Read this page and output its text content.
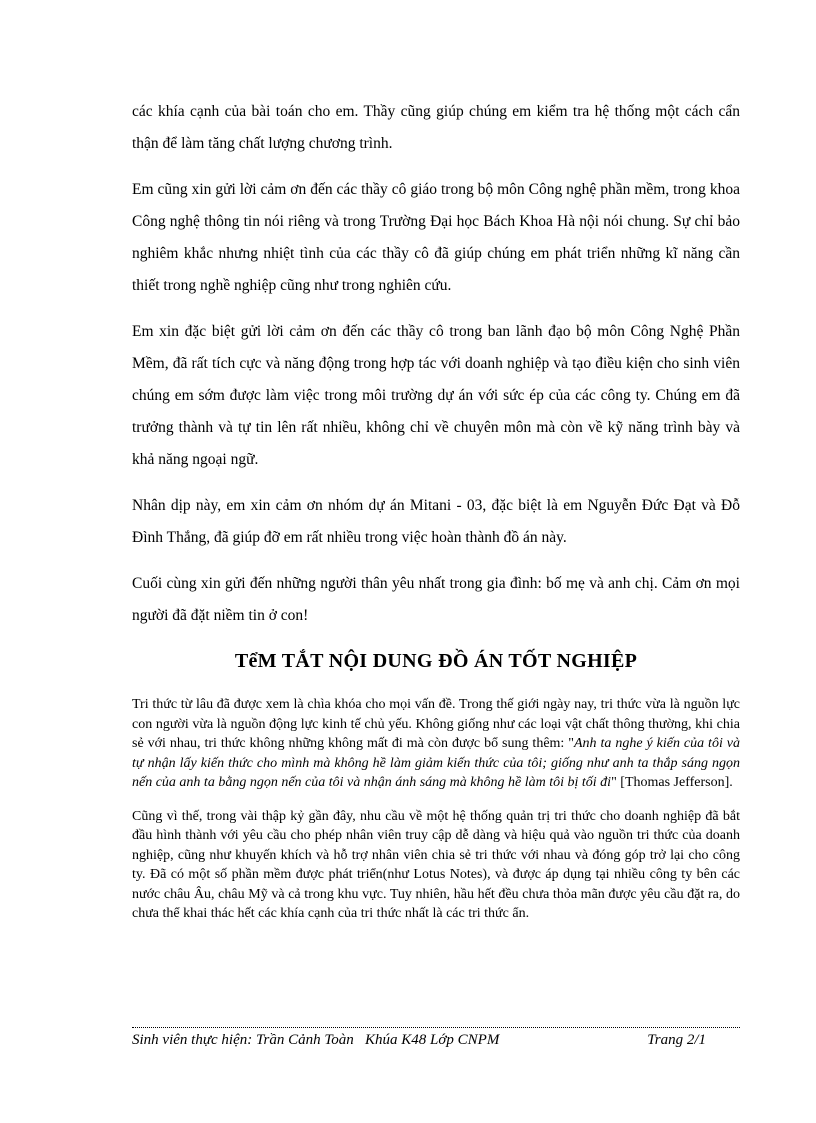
các khía cạnh của bài toán cho em. Thầy cũng giúp chúng em kiểm tra hệ thống một cách cẩn thận để làm tăng chất lượng chương trình.

Em cũng xin gửi lời cảm ơn đến các thầy cô giáo trong bộ môn Công nghệ phần mềm, trong khoa Công nghệ thông tin nói riêng và trong Trường Đại học Bách Khoa Hà nội nói chung. Sự chỉ bảo nghiêm khắc nhưng nhiệt tình của các thầy cô đã giúp chúng em phát triển những kĩ năng cần thiết trong nghề nghiệp cũng như trong nghiên cứu.

Em xin đặc biệt gửi lời cảm ơn đến các thầy cô trong ban lãnh đạo bộ môn Công Nghệ Phần Mềm, đã rất tích cực và năng động trong hợp tác với doanh nghiệp và tạo điều kiện cho sinh viên chúng em sớm được làm việc trong môi trường dự án với sức ép của các công ty. Chúng em đã trưởng thành và tự tin lên rất nhiều, không chỉ về chuyên môn mà còn về kỹ năng trình bày và khả năng ngoại ngữ.

Nhân dịp này, em xin cảm ơn nhóm dự án Mitani - 03, đặc biệt là em Nguyễn Đức Đạt và Đỗ Đình Thắng, đã giúp đỡ em rất nhiều trong việc hoàn thành đồ án này.

Cuối cùng xin gửi đến những người thân yêu nhất trong gia đình: bố mẹ và anh chị. Cảm ơn mọi người đã đặt niềm tin ở con!

TểM TẮT NỘI DUNG ĐỒ ÁN TỐT NGHIỆP

Tri thức từ lâu đã được xem là chìa khóa cho mọi vấn đề. Trong thế giới ngày nay, tri thức vừa là nguồn lực con người vừa là nguồn động lực kinh tế chủ yếu. Không giống như các loại vật chất thông thường, khi chia sẻ với nhau, tri thức không những không mất đi mà còn được bổ sung thêm: "Anh ta nghe ý kiến của tôi và tự nhận lấy kiến thức cho mình mà không hề làm giảm kiến thức của tôi; giống như anh ta thắp sáng ngọn nến của anh ta bằng ngọn nến của tôi và nhận ánh sáng mà không hề làm tôi bị tối đi" [Thomas Jefferson].

Cũng vì thế, trong vài thập kỷ gần đây, nhu cầu về một hệ thống quản trị tri thức cho doanh nghiệp đã bắt đầu hình thành với yêu cầu cho phép nhân viên truy cập dễ dàng và hiệu quả vào nguồn tri thức của doanh nghiệp, cũng như khuyến khích và hỗ trợ nhân viên chia sẻ tri thức với nhau và đóng góp trở lại cho công ty. Đã có một số phần mềm được phát triển(như Lotus Notes), và được áp dụng tại nhiều công ty bên các nước châu Âu, châu Mỹ và cả trong khu vực. Tuy nhiên, hầu hết đều chưa thỏa mãn được yêu cầu đặt ra, do chưa thể khai thác hết các khía cạnh của tri thức nhất là các tri thức ẩn.

Sinh viên thực hiện: Trần Cảnh Toàn   Khúa K48 Lớp CNPM	Trang 2/1
